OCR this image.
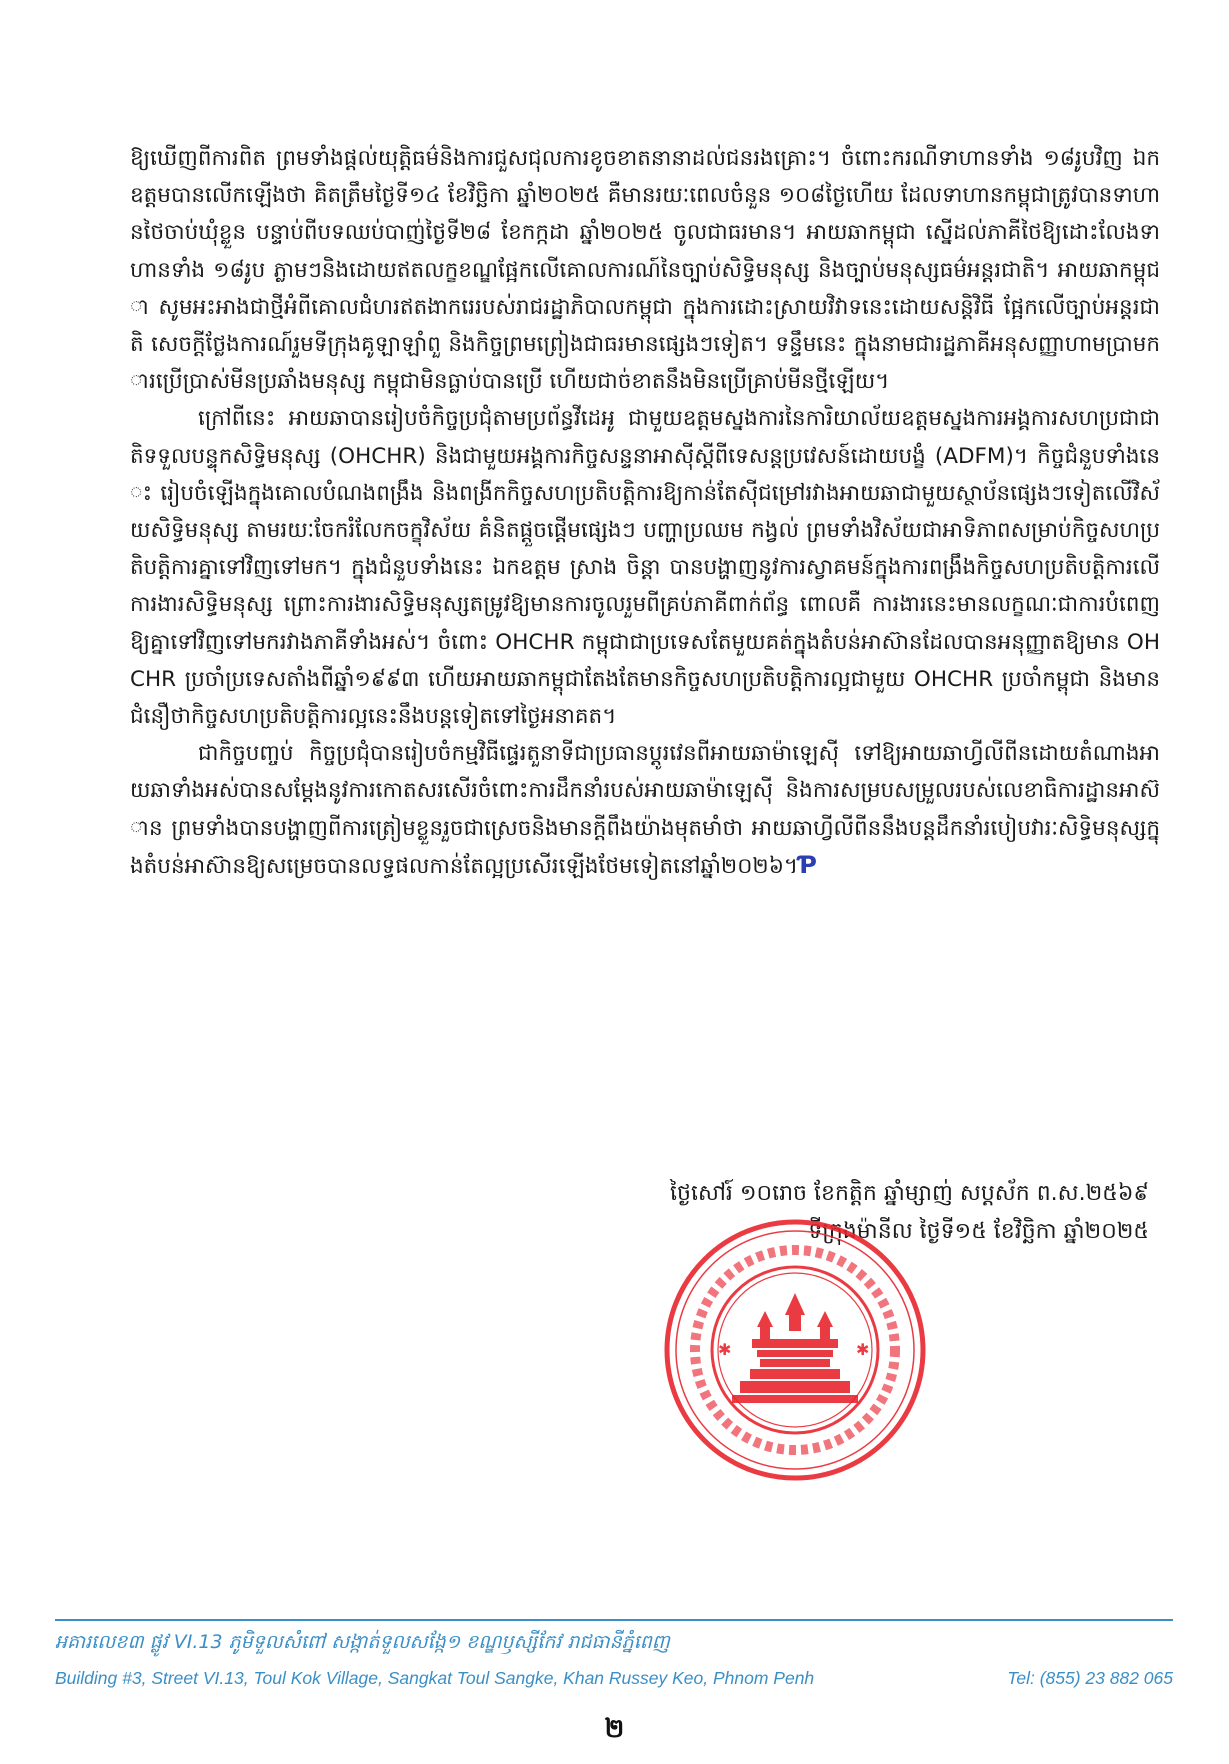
ឱ្យឃើញពីការពិត ព្រមទាំងផ្ដល់យុត្តិធម៌និងការជួសជុលការខូចខាតនានាដល់ជនរងគ្រោះ។ ចំពោះករណីទាហានទាំង ១៨រូបវិញ ឯកឧត្តមបានលើកឡើងថា គិតត្រឹមថ្ងៃទី១៤ ខែវិច្ឆិកា ឆ្នាំ២០២៥ គឺមានរយៈពេលចំនួន ១០៨ថ្ងៃហើយ ដែលទាហានកម្ពុជាត្រូវបានទាហានថៃចាប់ឃុំខ្លួន បន្ទាប់ពីបទឈប់បាញ់ថ្ងៃទី២៨ ខែកក្កដា ឆ្នាំ២០២៥ ចូលជាធរមាន។ អាយឆាកម្ពុជា ស្នើដល់ភាគីថៃឱ្យដោះលែងទាហានទាំង ១៨រូប ភ្លាមៗនិងដោយឥតលក្ខខណ្ឌផ្អែកលើគោលការណ៍នៃច្បាប់សិទ្ធិមនុស្ស និងច្បាប់មនុស្សធម៌អន្តរជាតិ។ អាយឆាកម្ពុជា សូមអះអាងជាថ្មីអំពីគោលជំហរឥតងាករេរបស់រាជរដ្ឋាភិបាលកម្ពុជា ក្នុងការដោះស្រាយវិវាទនេះដោយសន្តិវិធី ផ្អែកលើច្បាប់អន្តរជាតិ សេចក្ដីថ្លែងការណ៍រួមទីក្រុងគូឡាឡាំពួ និងកិច្ចព្រមព្រៀងជាធរមានផ្សេងៗទៀត។ ទន្ទឹមនេះ ក្នុងនាមជារដ្ឋភាគីអនុសញ្ញាហាមប្រាមការប្រើប្រាស់មីនប្រឆាំងមនុស្ស កម្ពុជាមិនធ្លាប់បានប្រើ ហើយជាច់ខាតនឹងមិនប្រើគ្រាប់មីនថ្មីឡើយ។

ក្រៅពីនេះ អាយឆាបានរៀបចំកិច្ចប្រជុំតាមប្រព័ន្ធវីដេអូ ជាមួយឧត្តមស្នងការនៃការិយាល័យឧត្តមស្នងការអង្គការសហប្រជាជាតិទទួលបន្ទុកសិទ្ធិមនុស្ស (OHCHR) និងជាមួយអង្គការកិច្ចសន្ទនាអាស៊ីស្តីពីទេសន្តប្រវេសន៍ដោយបង្ខំ (ADFM)។ កិច្ចជំនួបទាំងនេះ រៀបចំឡើងក្នុងគោលបំណងពង្រឹង និងពង្រីកកិច្ចសហប្រតិបត្តិការឱ្យកាន់តែស៊ីជម្រៅរវាងអាយឆាជាមួយស្ថាប័នផ្សេងៗទៀតលើវិស័យសិទ្ធិមនុស្ស តាមរយៈចែករំលែកចក្ខុវិស័យ គំនិតផ្ដួចផ្ដើមផ្សេងៗ បញ្ហាប្រឈម កង្វល់ ព្រមទាំងវិស័យជាអាទិភាពសម្រាប់កិច្ចសហប្រតិបត្តិការគ្នាទៅវិញទៅមក។ ក្នុងជំនួបទាំងនេះ ឯកឧត្តម ស្រាង ចិន្តា បានបង្ហាញនូវការស្វាគមន៍ក្នុងការពង្រឹងកិច្ចសហប្រតិបត្តិការលើការងារសិទ្ធិមនុស្ស ព្រោះការងារសិទ្ធិមនុស្សតម្រូវឱ្យមានការចូលរួមពីគ្រប់ភាគីពាក់ព័ន្ធ ពោលគឺ ការងារនេះមានលក្ខណៈជាការបំពេញឱ្យគ្នាទៅវិញទៅមករវាងភាគីទាំងអស់។ ចំពោះ OHCHR កម្ពុជាជាប្រទេសតែមួយគត់ក្នុងតំបន់អាស៊ានដែលបានអនុញ្ញាតឱ្យមាន OHCHR ប្រចាំប្រទេសតាំងពីឆ្នាំ១៩៩៣ ហើយអាយឆាកម្ពុជាតែងតែមានកិច្ចសហប្រតិបត្តិការល្អជាមួយ OHCHR ប្រចាំកម្ពុជា និងមានជំនឿថាកិច្ចសហប្រតិបត្តិការល្អនេះនឹងបន្តទៀតទៅថ្ងៃអនាគត។

ជាកិច្ចបញ្ចប់ កិច្ចប្រជុំបានរៀបចំកម្មវិធីផ្ទេរតួនាទីជាប្រធានប្ដូរវេនពីអាយឆាម៉ាឡេស៊ី ទៅឱ្យអាយឆាហ្វីលីពីនដោយតំណាងអាយឆាទាំងអស់បានសម្ដែងនូវការកោតសរសើរចំពោះការដឹកនាំរបស់អាយឆាម៉ាឡេស៊ី និងការសម្របសម្រួលរបស់លេខាធិការដ្ឋានអាស៊ាន ព្រមទាំងបានបង្ហាញពីការត្រៀមខ្លួនរួចជាស្រេចនិងមានក្ដីពឹងយ៉ាងមុតមាំថា អាយឆាហ្វីលីពីននឹងបន្តដឹកនាំរបៀបវារៈសិទ្ធិមនុស្សក្នុងតំបន់អាស៊ានឱ្យសម្រេចបានលទ្ធផលកាន់តែល្អប្រសើរឡើងថែមទៀតនៅឆ្នាំ២០២៦។Ƥ

ថ្ងៃសៅរ៍ ១០រោច ខែកត្តិក ឆ្នាំម្សាញ់ សប្តស័ក ព.ស.២៥៦៩
ទីក្រុងម៉ានីល ថ្ងៃទី១៥ ខែវិច្ឆិកា ឆ្នាំ២០២៥
✱	✱
អគារលេខ៣ ផ្លូវ VI.13 ភូមិទួលសំពៅ សង្កាត់ទួលសង្កែ១ ខណ្ឌឫស្សីកែវ រាជធានីភ្នំពេញ
Building #3, Street VI.13, Toul Kok Village, Sangkat Toul Sangke, Khan Russey Keo, Phnom Penh	Tel: (855) 23 882 065
២
